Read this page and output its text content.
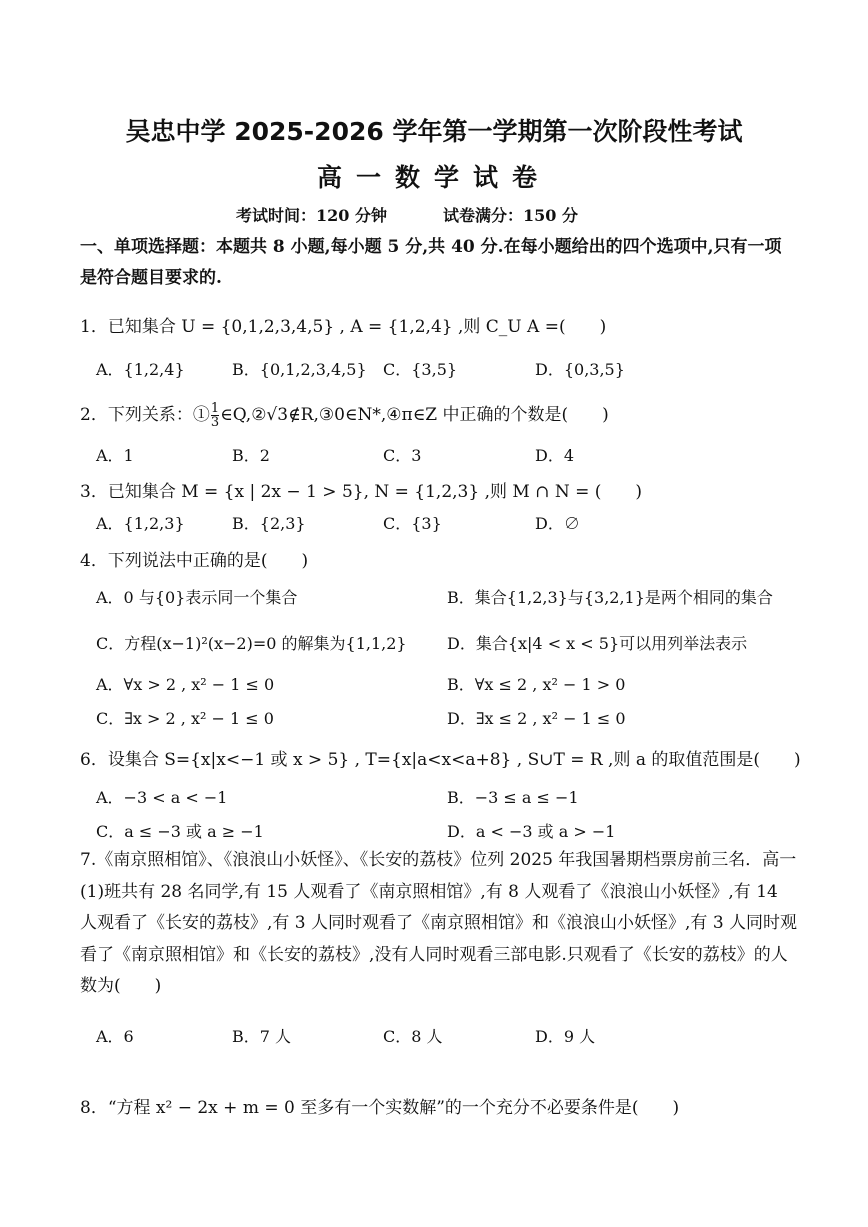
吴忠中学 2025-2026 学年第一学期第一次阶段性考试
高一数学试卷
考试时间：120 分钟	试卷满分：150 分
一、单项选择题：本题共 8 小题,每小题 5 分,共 40 分.在每小题给出的四个选项中,只有一项是符合题目要求的.
1．已知集合 U = {0,1,2,3,4,5} , A = {1,2,4} ,则 C_U A =(　　)
A．{1,2,4}	B．{0,1,2,3,4,5} C．{3,5}	D．{0,3,5}
2．下列关系：① $\frac{1}{3}$ ∈Q,②√3∉R,③0∈N*,④π∈Z 中正确的个数是(　　)
A．1	B．2	C．3	D．4
3．已知集合 M = {x | 2x − 1 > 5}, N = {1,2,3} ,则 M ∩ N = (　　)
A．{1,2,3}	B．{2,3}	C．{3}	D．∅
4．下列说法中正确的是(　　)
A．0 与{0}表示同一个集合	B．集合{1,2,3}与{3,2,1}是两个相同的集合
C．方程(x−1)²(x−2)=0 的解集为{1,1,2}	D．集合{x|4 < x < 5}可以用列举法表示
A．∀x > 2 , x² − 1 ≤ 0	B．∀x ≤ 2 , x² − 1 > 0
C．∃x > 2 , x² − 1 ≤ 0	D．∃x ≤ 2 , x² − 1 ≤ 0
6．设集合 S={x|x<−1 或 x > 5} , T={x|a<x<a+8} , S∪T = R ,则 a 的取值范围是(　　)
A．−3 < a < −1	B．−3 ≤ a ≤ −1
C．a ≤ −3 或 a ≥ −1	D．a < −3 或 a > −1
7.《南京照相馆》、《浪浪山小妖怪》、《长安的荔枝》位列 2025 年我国暑期档票房前三名．高一(1)班共有 28 名同学,有 15 人观看了《南京照相馆》,有 8 人观看了《浪浪山小妖怪》,有 14 人观看了《长安的荔枝》,有 3 人同时观看了《南京照相馆》和《浪浪山小妖怪》,有 3 人同时观看了《南京照相馆》和《长安的荔枝》,没有人同时观看三部电影.只观看了《长安的荔枝》的人数为(　　)
A．6	B．7 人	C．8 人	D．9 人
8．“方程 x² − 2x + m = 0 至多有一个实数解”的一个充分不必要条件是(　　)
